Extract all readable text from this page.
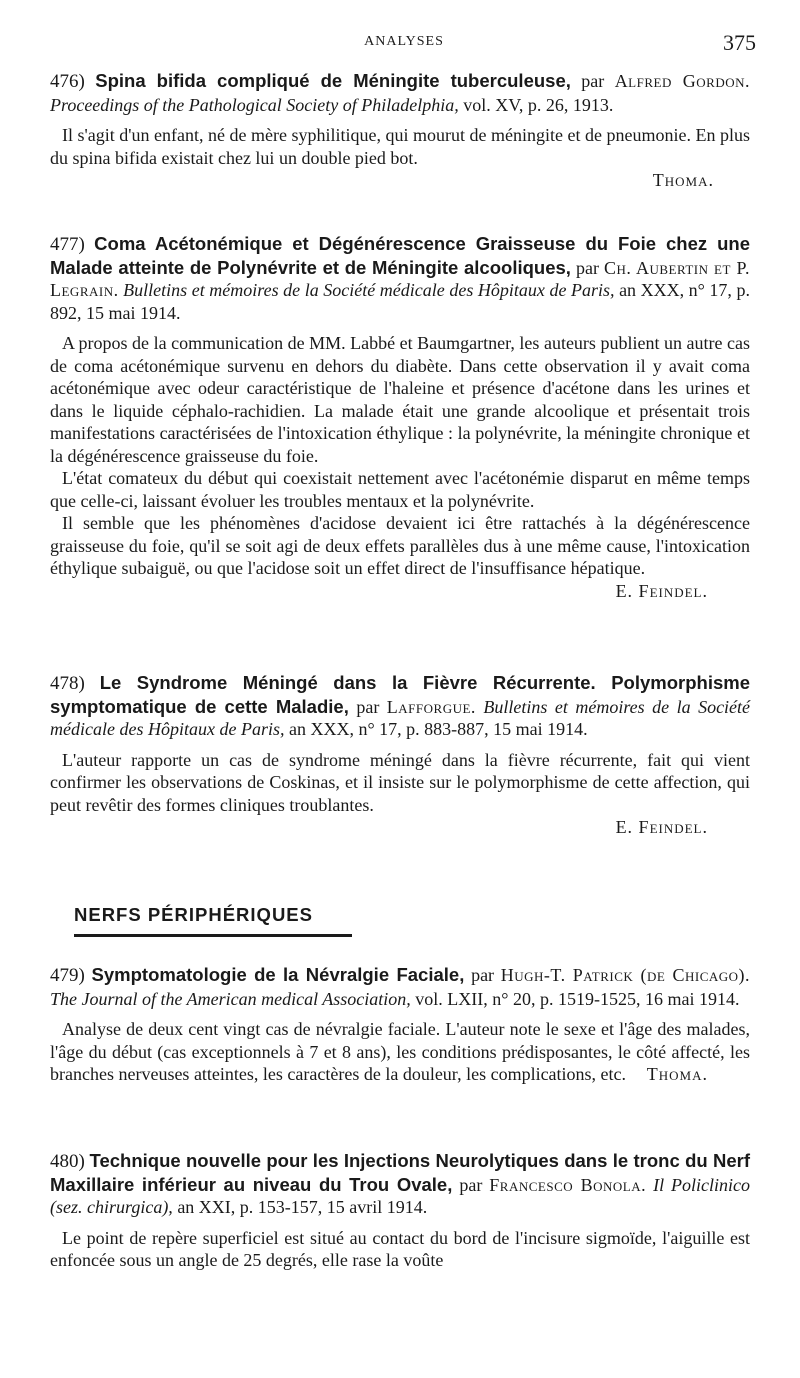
ANALYSES	375

476) Spina bifida compliqué de Méningite tuberculeuse, par Alfred Gordon. Proceedings of the Pathological Society of Philadelphia, vol. XV, p. 26, 1913.

Il s'agit d'un enfant, né de mère syphilitique, qui mourut de méningite et de pneumonie. En plus du spina bifida existait chez lui un double pied bot.

Thoma.

477) Coma Acétonémique et Dégénérescence Graisseuse du Foie chez une Malade atteinte de Polynévrite et de Méningite alcooliques, par Ch. Aubertin et P. Legrain. Bulletins et mémoires de la Société médicale des Hôpitaux de Paris, an XXX, n° 17, p. 892, 15 mai 1914.

A propos de la communication de MM. Labbé et Baumgartner, les auteurs publient un autre cas de coma acétonémique survenu en dehors du diabète. Dans cette observation il y avait coma acétonémique avec odeur caractéristique de l'haleine et présence d'acétone dans les urines et dans le liquide céphalo-rachidien. La malade était une grande alcoolique et présentait trois manifestations caractérisées de l'intoxication éthylique : la polynévrite, la méningite chronique et la dégénérescence graisseuse du foie.

L'état comateux du début qui coexistait nettement avec l'acétonémie disparut en même temps que celle-ci, laissant évoluer les troubles mentaux et la polynévrite.

Il semble que les phénomènes d'acidose devaient ici être rattachés à la dégénérescence graisseuse du foie, qu'il se soit agi de deux effets parallèles dus à une même cause, l'intoxication éthylique subaiguë, ou que l'acidose soit un effet direct de l'insuffisance hépatique.
E. Feindel.

478) Le Syndrome Méningé dans la Fièvre Récurrente. Polymorphisme symptomatique de cette Maladie, par Lafforgue. Bulletins et mémoires de la Société médicale des Hôpitaux de Paris, an XXX, n° 17, p. 883-887, 15 mai 1914.

L'auteur rapporte un cas de syndrome méningé dans la fièvre récurrente, fait qui vient confirmer les observations de Coskinas, et il insiste sur le polymorphisme de cette affection, qui peut revêtir des formes cliniques troublantes.

E. Feindel.

NERFS PÉRIPHÉRIQUES

479) Symptomatologie de la Névralgie Faciale, par Hugh-T. Patrick (de Chicago). The Journal of the American medical Association, vol. LXII, n° 20, p. 1519-1525, 16 mai 1914.

Analyse de deux cent vingt cas de névralgie faciale. L'auteur note le sexe et l'âge des malades, l'âge du début (cas exceptionnels à 7 et 8 ans), les conditions prédisposantes, le côté affecté, les branches nerveuses atteintes, les caractères de la douleur, les complications, etc.	Thoma.

480) Technique nouvelle pour les Injections Neurolytiques dans le tronc du Nerf Maxillaire inférieur au niveau du Trou Ovale, par Francesco Bonola. Il Policlinico (sez. chirurgica), an XXI, p. 153-157, 15 avril 1914.

Le point de repère superficiel est situé au contact du bord de l'incisure sigmoïde, l'aiguille est enfoncée sous un angle de 25 degrés, elle rase la voûte
